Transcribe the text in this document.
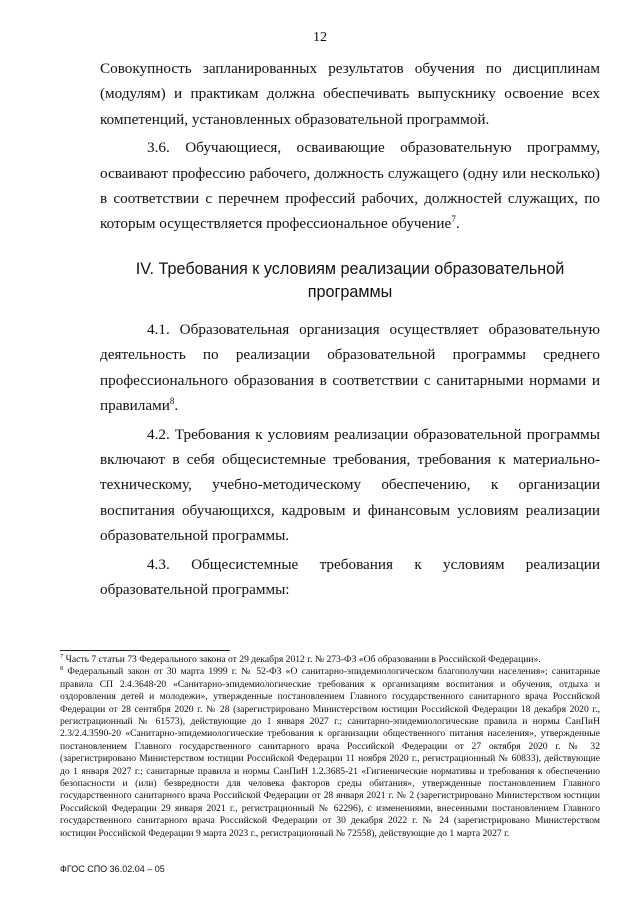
12

Совокупность запланированных результатов обучения по дисциплинам (модулям) и практикам должна обеспечивать выпускнику освоение всех компетенций, установленных образовательной программой.

3.6. Обучающиеся, осваивающие образовательную программу, осваивают профессию рабочего, должность служащего (одну или несколько) в соответствии с перечнем профессий рабочих, должностей служащих, по которым осуществляется профессиональное обучение$^7$.

IV. Требования к условиям реализации образовательной
программы

4.1. Образовательная организация осуществляет образовательную деятельность по реализации образовательной программы среднего профессионального образования в соответствии с санитарными нормами и правилами$^8$.

4.2. Требования к условиям реализации образовательной программы включают в себя общесистемные требования, требования к материально-техническому, учебно-методическому обеспечению, к организации воспитания обучающихся, кадровым и финансовым условиям реализации образовательной программы.

4.3. Общесистемные требования к условиям реализации образовательной программы:

$^7$ Часть 7 статьи 73 Федерального закона от 29 декабря 2012 г. № 273-ФЗ «Об образовании в Российской Федерации».

$^8$ Федеральный закон от 30 марта 1999 г. № 52-ФЗ «О санитарно-эпидемиологическом благополучии населения»; санитарные правила СП 2.4.3648-20 «Санитарно-эпидемиологические требования к организациям воспитания и обучения, отдыха и оздоровления детей и молодежи», утвержденные постановлением Главного государственного санитарного врача Российской Федерации от 28 сентября 2020 г. № 28 (зарегистрировано Министерством юстиции Российской Федерации 18 декабря 2020 г., регистрационный № 61573), действующие до 1 января 2027 г.; санитарно-эпидемиологические правила и нормы СанПиН 2.3/2.4.3590-20 «Санитарно-эпидемиологические требования к организации общественного питания населения», утвержденные постановлением Главного государственного санитарного врача Российской Федерации от 27 октября 2020 г. № 32 (зарегистрировано Министерством юстиции Российской Федерации 11 ноября 2020 г., регистрационный № 60833), действующие до 1 января 2027 г.; санитарные правила и нормы СанПиН 1.2.3685-21 «Гигиенические нормативы и требования к обеспечению безопасности и (или) безвредности для человека факторов среды обитания», утвержденные постановлением Главного государственного санитарного врача Российской Федерации от 28 января 2021 г. № 2 (зарегистрировано Министерством юстиции Российской Федерации 29 января 2021 г., регистрационный № 62296), с изменениями, внесенными постановлением Главного государственного санитарного врача Российской Федерации от 30 декабря 2022 г. № 24 (зарегистрировано Министерством юстиции Российской Федерации 9 марта 2023 г., регистрационный № 72558), действующие до 1 марта 2027 г.

ФГОС СПО 36.02.04 – 05
